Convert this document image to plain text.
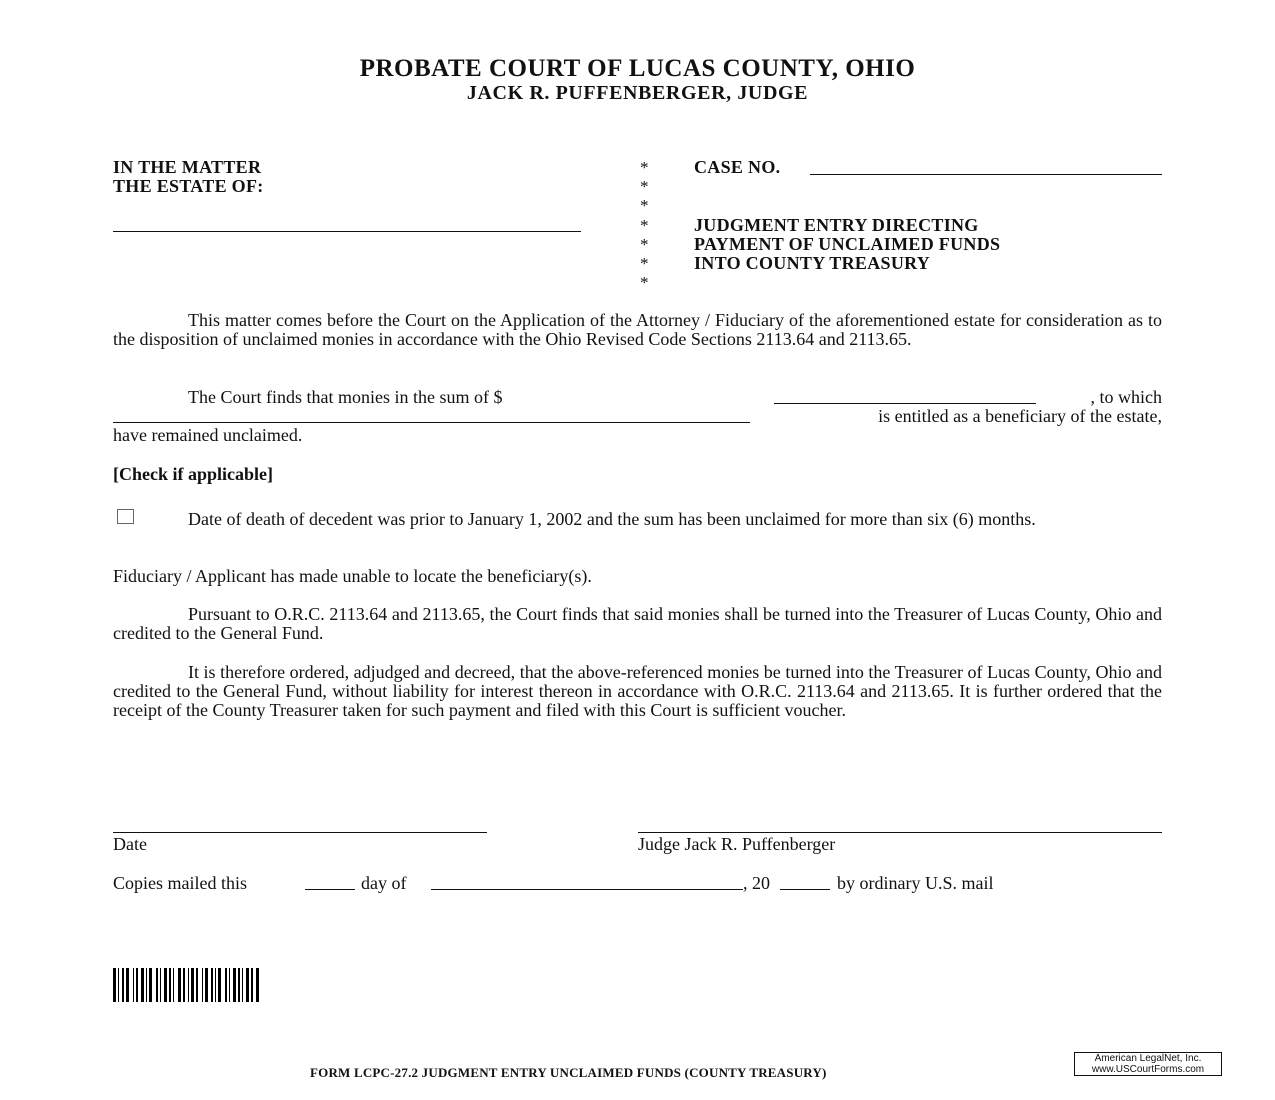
PROBATE COURT OF LUCAS COUNTY, OHIO
JACK R. PUFFENBERGER, JUDGE
IN THE MATTER
THE ESTATE OF:
*
*
*
*
*
*
*
CASE NO.
JUDGMENT ENTRY DIRECTING
PAYMENT OF UNCLAIMED FUNDS
INTO COUNTY TREASURY
This matter comes before the Court on the Application of the Attorney / Fiduciary of the aforementioned estate for consideration as to the disposition of unclaimed monies in accordance with the Ohio Revised Code Sections 2113.64 and 2113.65.
The Court finds that monies in the sum of $	, to which
is entitled as a beneficiary of the estate,
have remained unclaimed.
[Check if applicable]
Date of death of decedent was prior to January 1, 2002 and the sum has been unclaimed for more than six (6) months.
Fiduciary / Applicant has made unable to locate the beneficiary(s).
Pursuant to O.R.C. 2113.64 and 2113.65, the Court finds that said monies shall be turned into the Treasurer of Lucas County, Ohio and credited to the General Fund.
It is therefore ordered, adjudged and decreed, that the above-referenced monies be turned into the Treasurer of Lucas County, Ohio and credited to the General Fund, without liability for interest thereon in accordance with O.R.C. 2113.64 and 2113.65. It is further ordered that the receipt of the County Treasurer taken for such payment and filed with this Court is sufficient voucher.
Date	Judge Jack R. Puffenberger
Copies mailed this	day of	, 20	by ordinary U.S. mail
FORM LCPC-27.2 JUDGMENT ENTRY UNCLAIMED FUNDS (COUNTY TREASURY)
American LegalNet, Inc.
www.USCourtForms.com
